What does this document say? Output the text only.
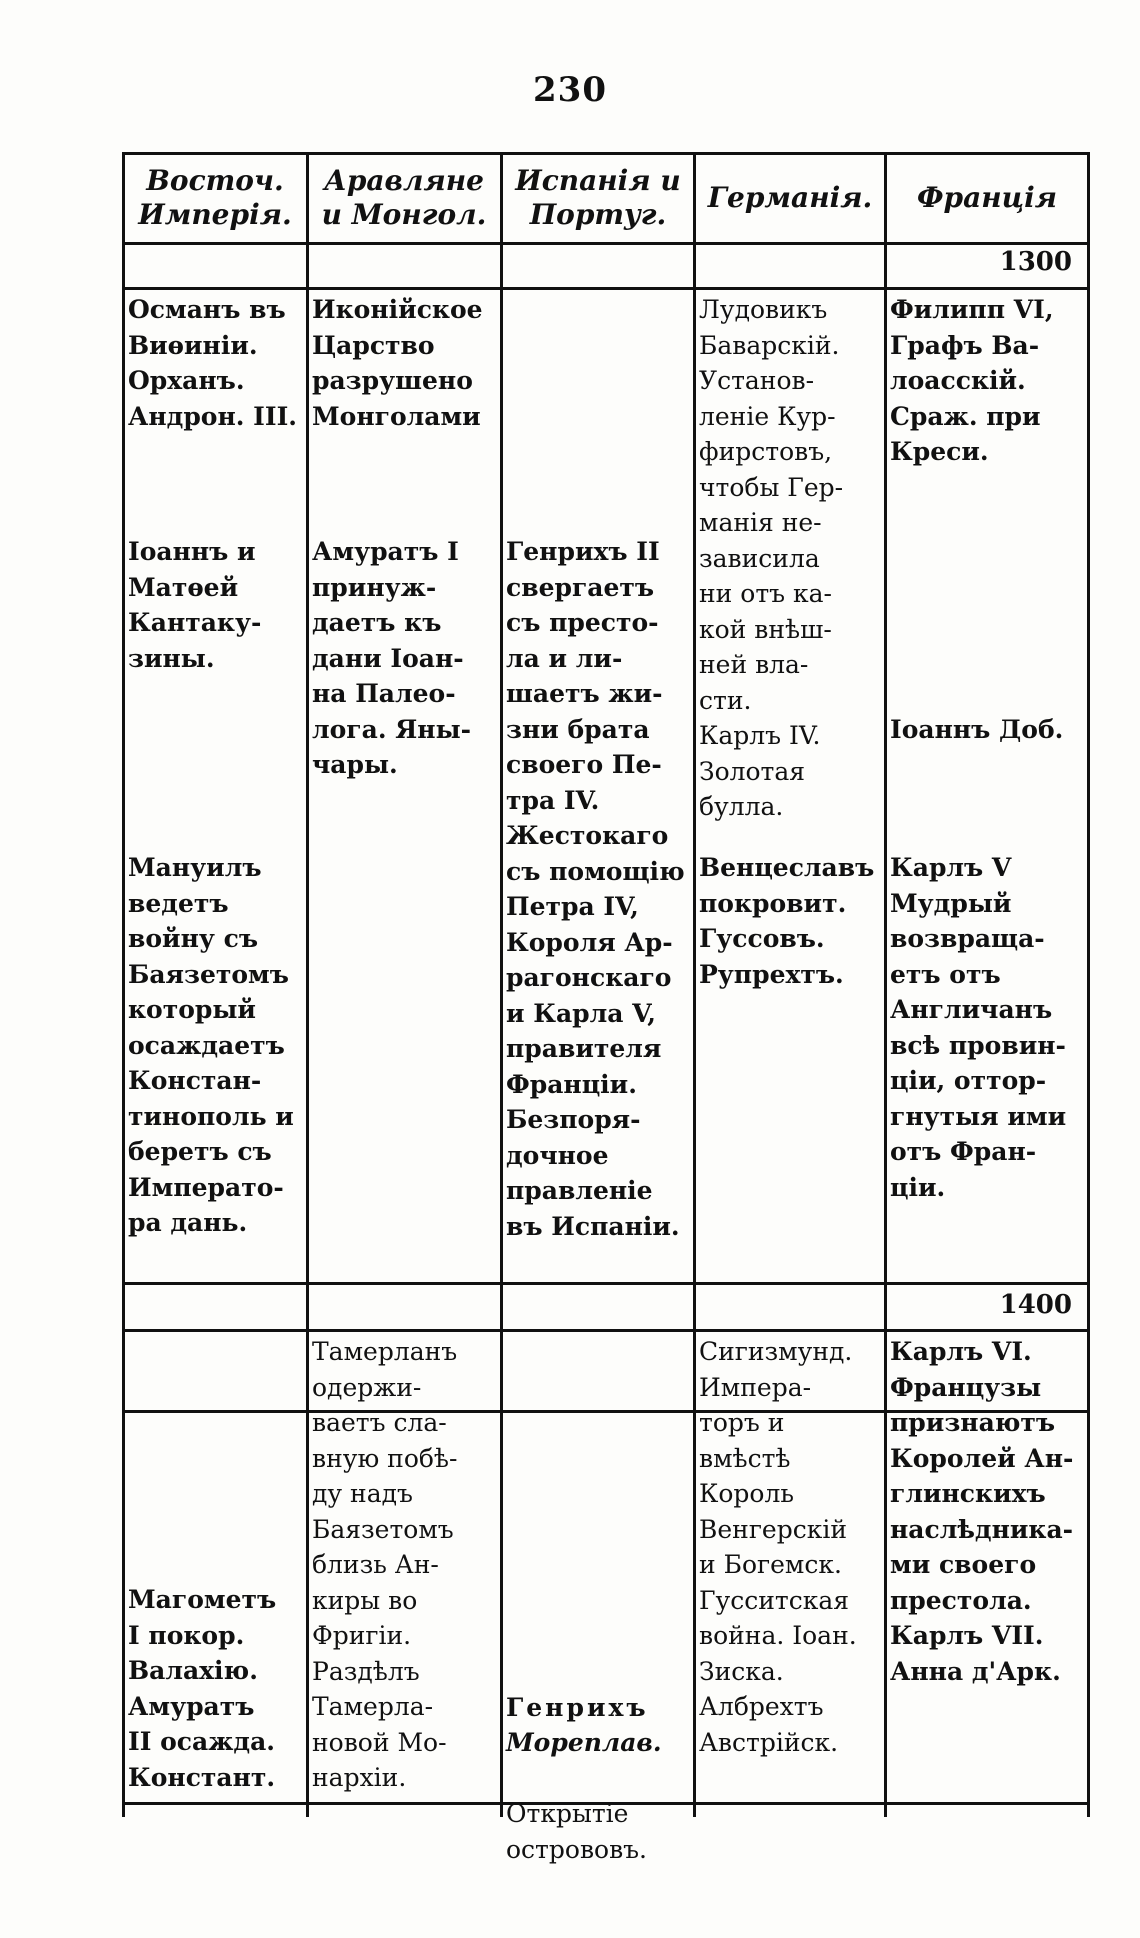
230
Восточ. Имперія.
Аравляне и Монгол.
Испанія и Португ.
Германія.	Франція
1300
Османъ въ
Виѳиніи.
Орханъ.
Андрон. III.
Иконійское
Царство
разрушено
Монголами
Лудовикъ
Баварскій.
Установ-
леніе Кур-
фирстовъ,
чтобы Гер-
манія не-
зависила
ни отъ ка-
кой внѣш-
ней вла-
сти.
Карлъ IV.
Золотая
булла.
Филипп VI,
Графъ Ва-
лоасскій.
Сраж. при
Креси.
Іоаннъ и
Матѳей
Кантаку-
зины.
Амуратъ I
принуж-
даетъ къ
дани Іоан-
на Палео-
лога. Яны-
чары.
Генрихъ II
свергаетъ
съ престо-
ла и ли-
шаетъ жи-
зни брата
своего Пе-
тра IV.
Жестокаго
съ помощію
Петра IV,
Короля Ар-
рагонскаго
и Карла V,
правителя
Франціи.
Безпоря-
дочное
правленіе
въ Испаніи.
Іоаннъ Доб.
Мануилъ
ведетъ
войну съ
Баязетомъ
который
осаждаетъ
Констан-
тинополь и
беретъ съ
Императо-
ра дань.
Венцеславъ
покровит.
Гуссовъ.
Рупрехтъ.
Карлъ V
Мудрый
возвраща-
етъ отъ
Англичанъ
всѣ провин-
ціи, оттор-
гнутыя ими
отъ Фран-
ціи.
1400
Тамерланъ
одержи-
ваетъ сла-
вную побѣ-
ду надъ
Баязетомъ
близь Ан-
киры во
Фригіи.
Раздѣлъ
Тамерла-
новой Мо-
нархіи.
Сигизмунд.
Импера-
торъ и
вмѣстѣ
Король
Венгерскій
и Богемск.
Гусситская
война. Іоан.
Зиска.
Албрехтъ
Австрійск.
Карлъ VI.
Французы
признаютъ
Королей Ан-
глинскихъ
наслѣдника-
ми своего
престола.
Карлъ VII.
Анна д'Арк.
Магометъ
I покор.
Валахію.
Амуратъ
II осажда.
Констант.

Генрихъ

Мореплав.

Открытіе
острововъ.
